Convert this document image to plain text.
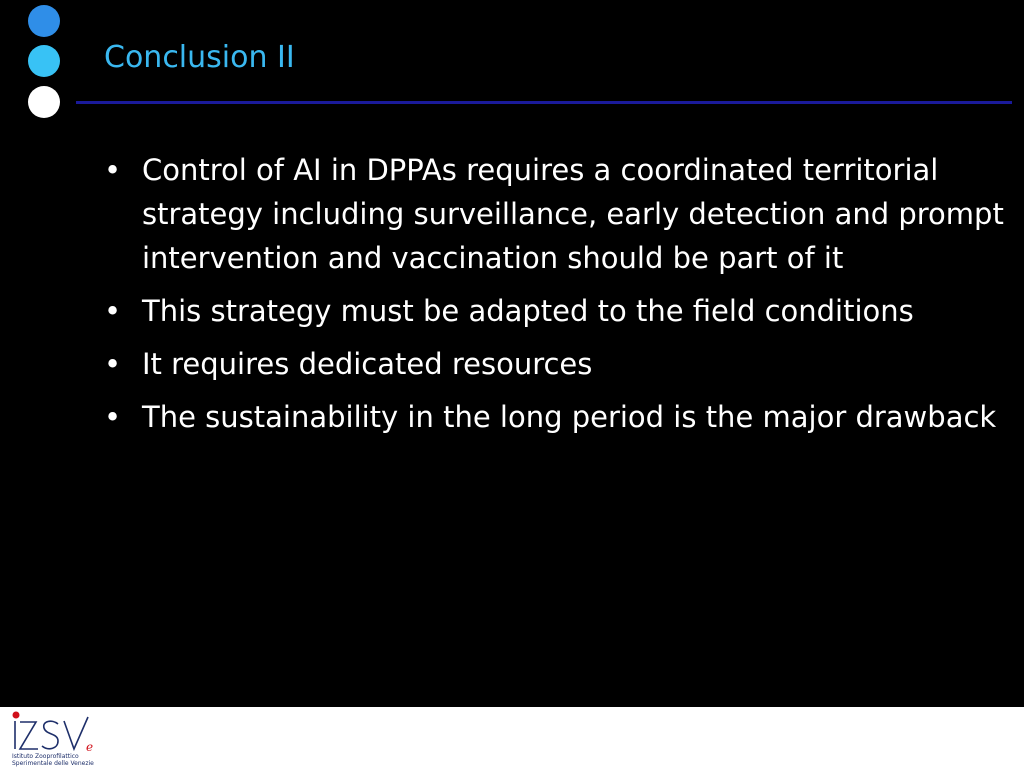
Conclusion II
• Control of AI in DPPAs requires a coordinated territorial strategy including surveillance, early detection and prompt intervention and vaccination should be part of it
• This strategy must be adapted to the field conditions
• It requires dedicated resources
• The sustainability in the long period is the major drawback
e
Istituto Zooprofilattico
Sperimentale delle Venezie
